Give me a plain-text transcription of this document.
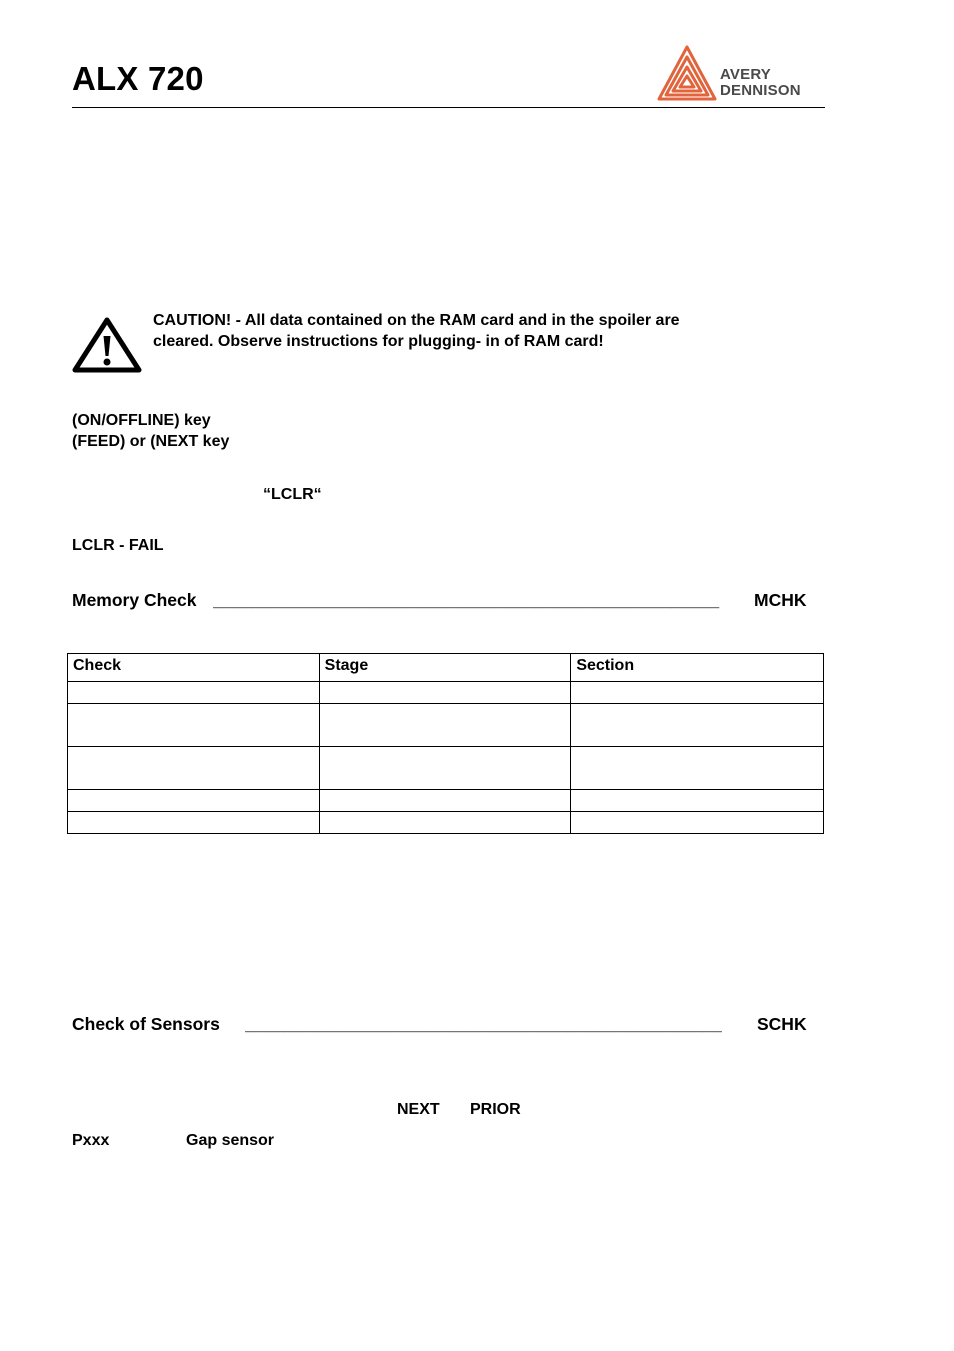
ALX 720	AVERY
DENNISON
CAUTION! - All data contained on the RAM card and in the spoiler are
cleared. Observe instructions for plugging- in of RAM card!
(ON/OFFLINE) key
(FEED) or (NEXT key
“LCLR“
LCLR - FAIL
Memory Check ____________________________________________________	MCHK
Check	Stage	Section

Check of Sensors _________________________________________________	SCHK
NEXT PRIOR
Pxxx	Gap sensor
